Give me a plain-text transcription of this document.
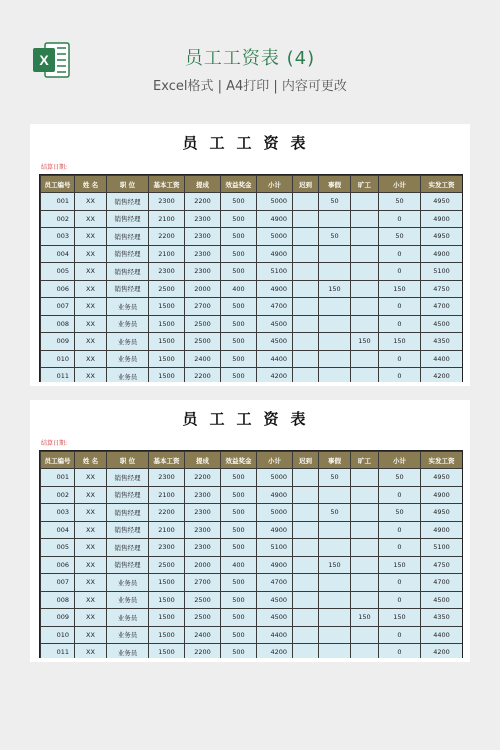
X	员工工资表 (4)
Excel格式 | A4打印 | 内容可更改
员工工资表
结算日期:
员工编号	姓 名	职 位	基本工资	提成	效益奖金	小计	迟到	事假	旷工	小计	实发工资
001	XX	销售经理	2300	2200	500	5000		50		50	4950
002	XX	销售经理	2100	2300	500	4900				0	4900
003	XX	销售经理	2200	2300	500	5000		50		50	4950
004	XX	销售经理	2100	2300	500	4900				0	4900
005	XX	销售经理	2300	2300	500	5100				0	5100
006	XX	销售经理	2500	2000	400	4900		150		150	4750
007	XX	业务员	1500	2700	500	4700				0	4700
008	XX	业务员	1500	2500	500	4500				0	4500
009	XX	业务员	1500	2500	500	4500			150	150	4350
010	XX	业务员	1500	2400	500	4400				0	4400
011	XX	业务员	1500	2200	500	4200				0	4200
员工工资表
结算日期:
员工编号	姓 名	职 位	基本工资	提成	效益奖金	小计	迟到	事假	旷工	小计	实发工资
001	XX	销售经理	2300	2200	500	5000		50		50	4950
002	XX	销售经理	2100	2300	500	4900				0	4900
003	XX	销售经理	2200	2300	500	5000		50		50	4950
004	XX	销售经理	2100	2300	500	4900				0	4900
005	XX	销售经理	2300	2300	500	5100				0	5100
006	XX	销售经理	2500	2000	400	4900		150		150	4750
007	XX	业务员	1500	2700	500	4700				0	4700
008	XX	业务员	1500	2500	500	4500				0	4500
009	XX	业务员	1500	2500	500	4500			150	150	4350
010	XX	业务员	1500	2400	500	4400				0	4400
011	XX	业务员	1500	2200	500	4200				0	4200
